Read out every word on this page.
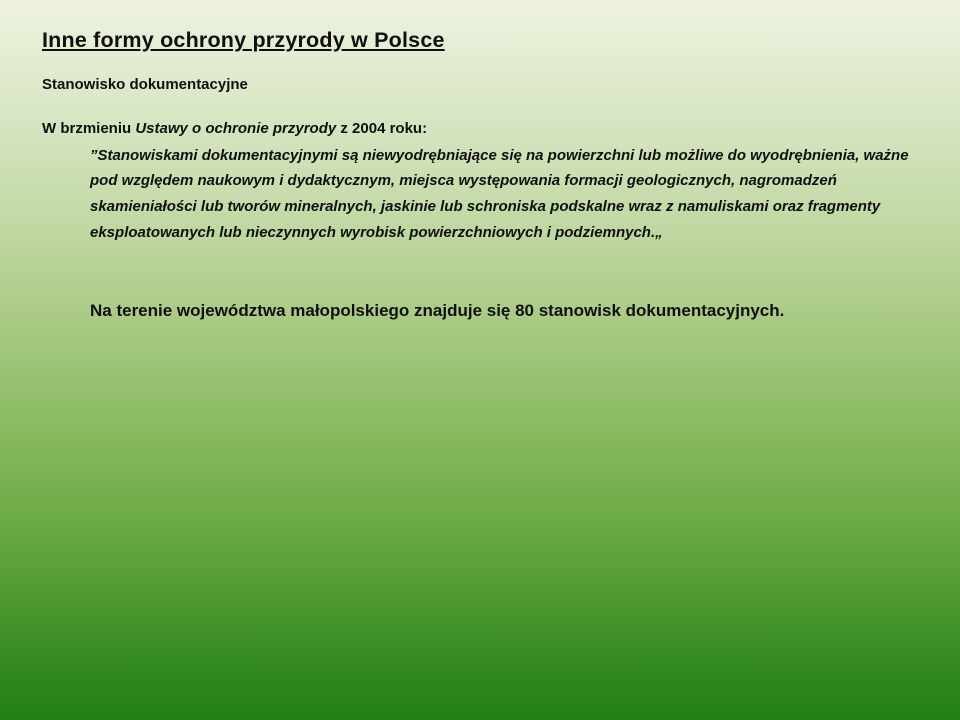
Inne formy ochrony przyrody w Polsce
Stanowisko dokumentacyjne

W brzmieniu Ustawy o ochronie przyrody z 2004 roku:

”Stanowiskami dokumentacyjnymi są niewyodrębniające się na powierzchni lub możliwe do wyodrębnienia, ważne pod względem naukowym i dydaktycznym, miejsca występowania formacji geologicznych, nagromadzeń skamieniałości lub tworów mineralnych, jaskinie lub schroniska podskalne wraz z namuliskami oraz fragmenty eksploatowanych lub nieczynnych wyrobisk powierzchniowych i podziemnych.„

Na terenie województwa małopolskiego znajduje się 80 stanowisk dokumentacyjnych.
